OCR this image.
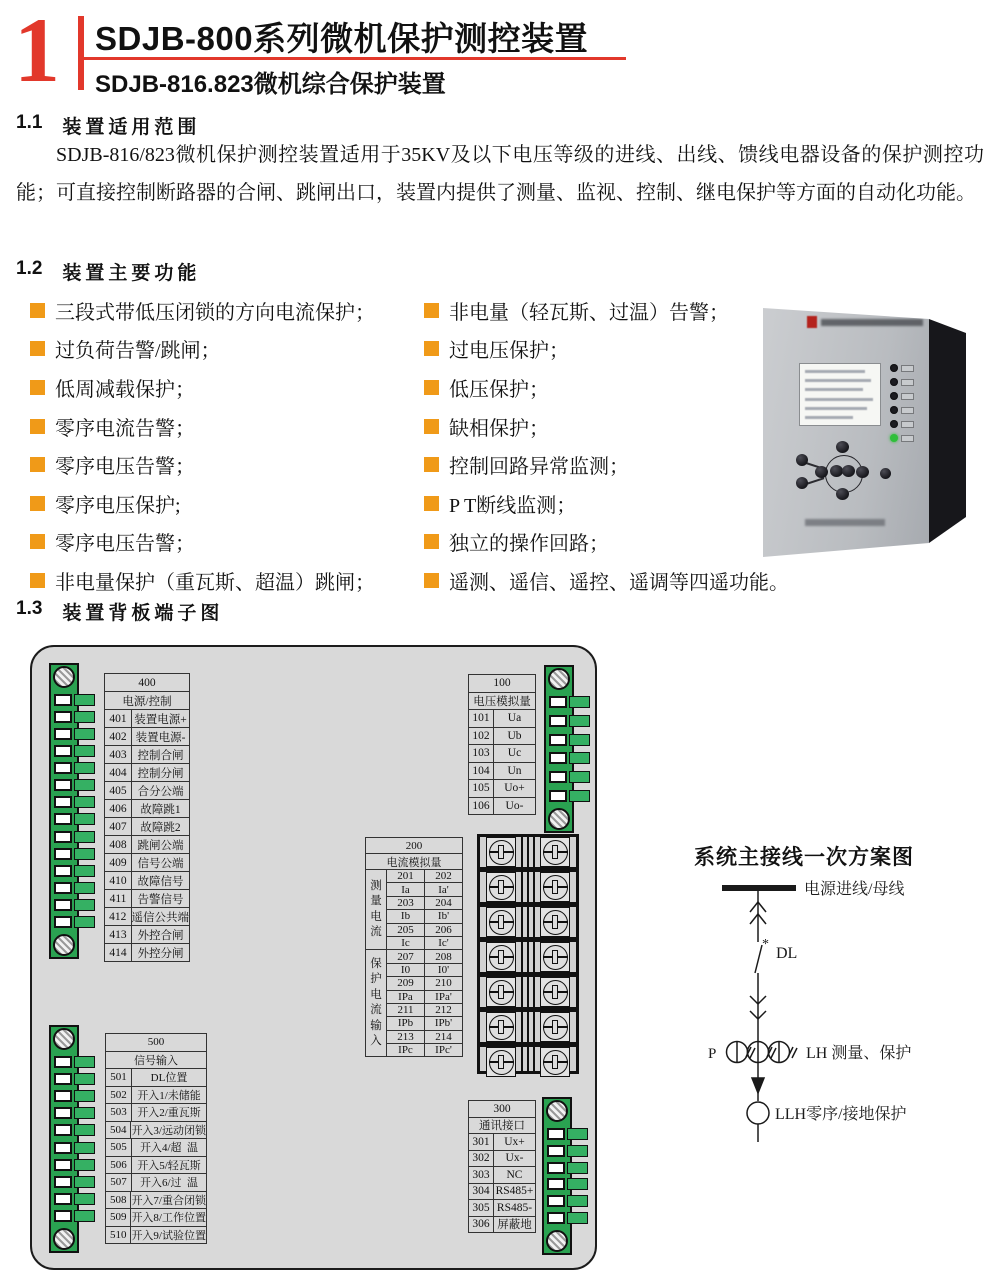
1 SDJB-800系列微机保护测控装置
SDJB-816.823微机综合保护装置
1.1 装置适用范围
SDJB-816/823微机保护测控装置适用于35KV及以下电压等级的进线、出线、馈线电器设备的保护测控功能；可直接控制断路器的合闸、跳闸出口，装置内提供了测量、监视、控制、继电保护等方面的自动化功能。
1.2 装置主要功能
三段式带低压闭锁的方向电流保护；
过负荷告警/跳闸；
低周减载保护；
零序电流告警；
零序电压告警；
零序电压保护;
零序电压告警；
非电量保护（重瓦斯、超温）跳闸；
非电量（轻瓦斯、过温）告警；
过电压保护；
低压保护；
缺相保护；
控制回路异常监测；
P T断线监测；
独立的操作回路；
遥测、遥信、遥控、遥调等四遥功能。
1.3 装置背板端子图
400
电源/控制
401 装置电源+
402 装置电源-
403 控制合闸
404 控制分闸
405 合分公端
406	故障跳1
407	故障跳2
408 跳闸公端
409 信号公端
410 故障信号
411 告警信号
412 遥信公共端
413 外控合闸
414 外控分闸
100
电压模拟量
101	Ua
102	Ub
103	Uc
104	Un
105	Uo+
106	Uo-
200
电流模拟量
测量电流
201	202
Ia	Ia'
203	204
Ib	Ib'
205	206
Ic	Ic'
保护电流输入
207	208
I0	I0'
209	210
IPa	IPa'
211	212
IPb	IPb'
213	214
IPc	IPc'
500
信号输入
501	DL位置
502 开入1/未储能
503 开入2/重瓦斯
504 开入3/远动闭锁
505	开入4/超  温
506 开入5/轻瓦斯
507	开入6/过  温
508 开入7/重合闭锁
509 开入8/工作位置
510 开入9/试验位置
300
通讯接口
301	Ux+
302	Ux-
303	NC
304 RS485+
305 RS485-
306 屏蔽地
系统主接线一次方案图
电源进线/母线
*
DL
P	LH 测量、保护
LLH零序/接地保护
